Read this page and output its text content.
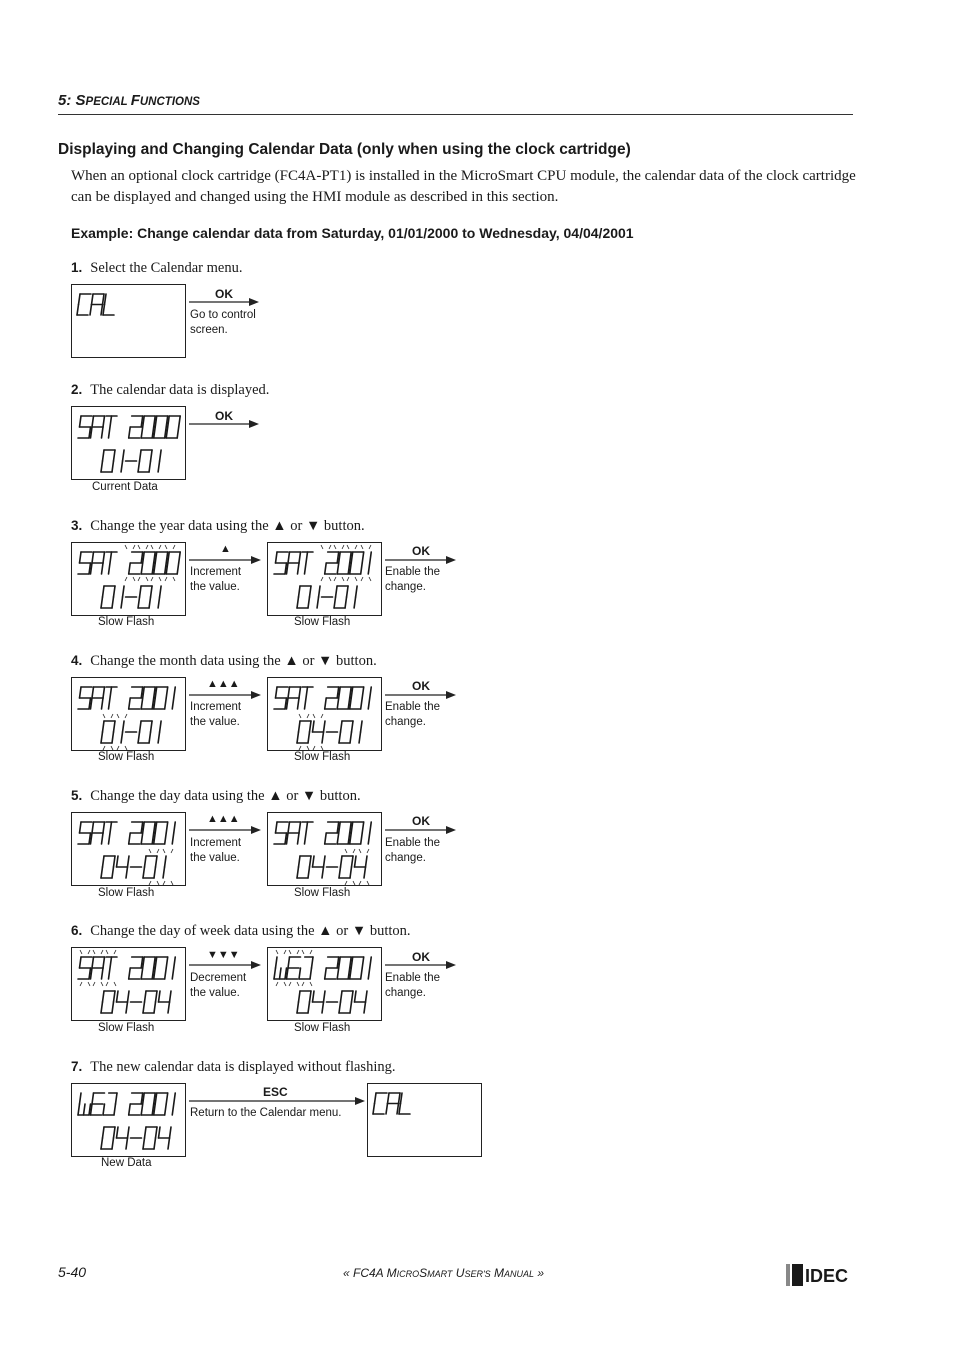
5: SPECIAL FUNCTIONS
Displaying and Changing Calendar Data (only when using the clock cartridge)
When an optional clock cartridge (FC4A-PT1) is installed in the MicroSmart CPU module, the calendar data of the clock cartridge can be displayed and changed using the HMI module as described in this section.
Example: Change calendar data from Saturday, 01/01/2000 to Wednesday, 04/04/2001
1. Select the Calendar menu.
OK
Go to control
screen.
2. The calendar data is displayed.
OK
Current Data
3. Change the year data using the ▲ or ▼ button.
▲
Increment
the value.
OK
Enable the
change.
Slow Flash	Slow Flash
4. Change the month data using the ▲ or ▼ button.
▲▲▲
Increment
the value.
OK
Enable the
change.
Slow Flash	Slow Flash
5. Change the day data using the ▲ or ▼ button.
▲▲▲
Increment
the value.
OK
Enable the
change.
Slow Flash	Slow Flash
6. Change the day of week data using the ▲ or ▼ button.
▼▼▼
Decrement
the value.
OK
Enable the
change.
Slow Flash	Slow Flash
7. The new calendar data is displayed without flashing.
ESC
Return to the Calendar menu.
New Data
5-40	« FC4A MICROSMART USER'S MANUAL »	IDEC
